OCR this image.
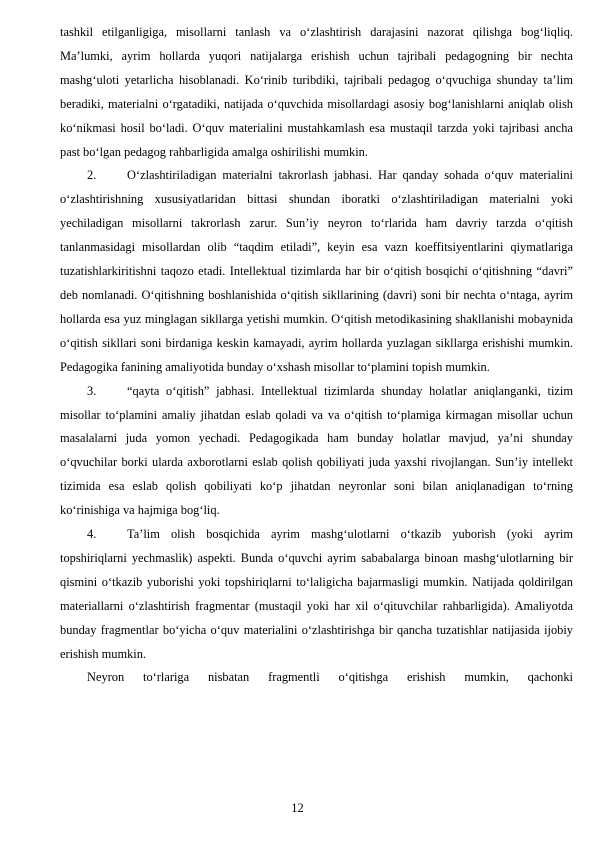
tashkil etilganligiga, misollarni tanlash va o‘zlashtirish darajasini nazorat qilishga bog‘liqliq. Ma’lumki, ayrim hollarda yuqori natijalarga erishish uchun tajribali pedagogning bir nechta mashg‘uloti yetarlicha hisoblanadi. Ko‘rinib turibdiki, tajribali pedagog o‘qvuchiga shunday ta’lim beradiki, materialni o‘rgatadiki, natijada o‘quvchida misollardagi asosiy bog‘lanishlarni aniqlab olish ko‘nikmasi hosil bo‘ladi. O‘quv materialini mustahkamlash esa mustaqil tarzda yoki tajribasi ancha past bo‘lgan pedagog rahbarligida amalga oshirilishi mumkin.

2. O‘zlashtiriladigan materialni takrorlash jabhasi. Har qanday sohada o‘quv materialini o‘zlashtirishning xususiyatlaridan bittasi shundan iboratki o‘zlashtiriladigan materialni yoki yechiladigan misollarni takrorlash zarur. Sun’iy neyron to‘rlarida ham davriy tarzda o‘qitish tanlanmasidagi misollardan olib “taqdim etiladi”, keyin esa vazn koeffitsiyentlarini qiymatlariga tuzatishlarkiritishni taqozo etadi. Intellektual tizimlarda har bir o‘qitish bosqichi o‘qitishning “davri” deb nomlanadi. O‘qitishning boshlanishida o‘qitish sikllarining (davri) soni bir nechta o‘ntaga, ayrim hollarda esa yuz minglagan sikllarga yetishi mumkin. O‘qitish metodikasining shakllanishi mobaynida o‘qitish sikllari soni birdaniga keskin kamayadi, ayrim hollarda yuzlagan sikllarga erishishi mumkin. Pedagogika fanining amaliyotida bunday o‘xshash misollar to‘plamini topish mumkin.

3. “qayta o‘qitish” jabhasi. Intellektual tizimlarda shunday holatlar aniqlanganki, tizim misollar to‘plamini amaliy jihatdan eslab qoladi va va o‘qitish to‘plamiga kirmagan misollar uchun masalalarni juda yomon yechadi. Pedagogikada ham bunday holatlar mavjud, ya’ni shunday o‘qvuchilar borki ularda axborotlarni eslab qolish qobiliyati juda yaxshi rivojlangan. Sun’iy intellekt tizimida esa eslab qolish qobiliyati ko‘p jihatdan neyronlar soni bilan aniqlanadigan to‘rning ko‘rinishiga va hajmiga bog‘liq.

4. Ta’lim olish bosqichida ayrim mashg‘ulotlarni o‘tkazib yuborish (yoki ayrim topshiriqlarni yechmaslik) aspekti. Bunda o‘quvchi ayrim sababalarga binoan mashg‘ulotlarning bir qismini o‘tkazib yuborishi yoki topshiriqlarni to‘laligicha bajarmasligi mumkin. Natijada qoldirilgan materiallarni o‘zlashtirish fragmentar (mustaqil yoki har xil o‘qituvchilar rahbarligida). Amaliyotda bunday fragmentlar bo‘yicha o‘quv materialini o‘zlashtirishga bir qancha tuzatishlar natijasida ijobiy erishish mumkin.

Neyron to‘rlariga nisbatan fragmentli o‘qitishga erishish mumkin, qachonki

12
